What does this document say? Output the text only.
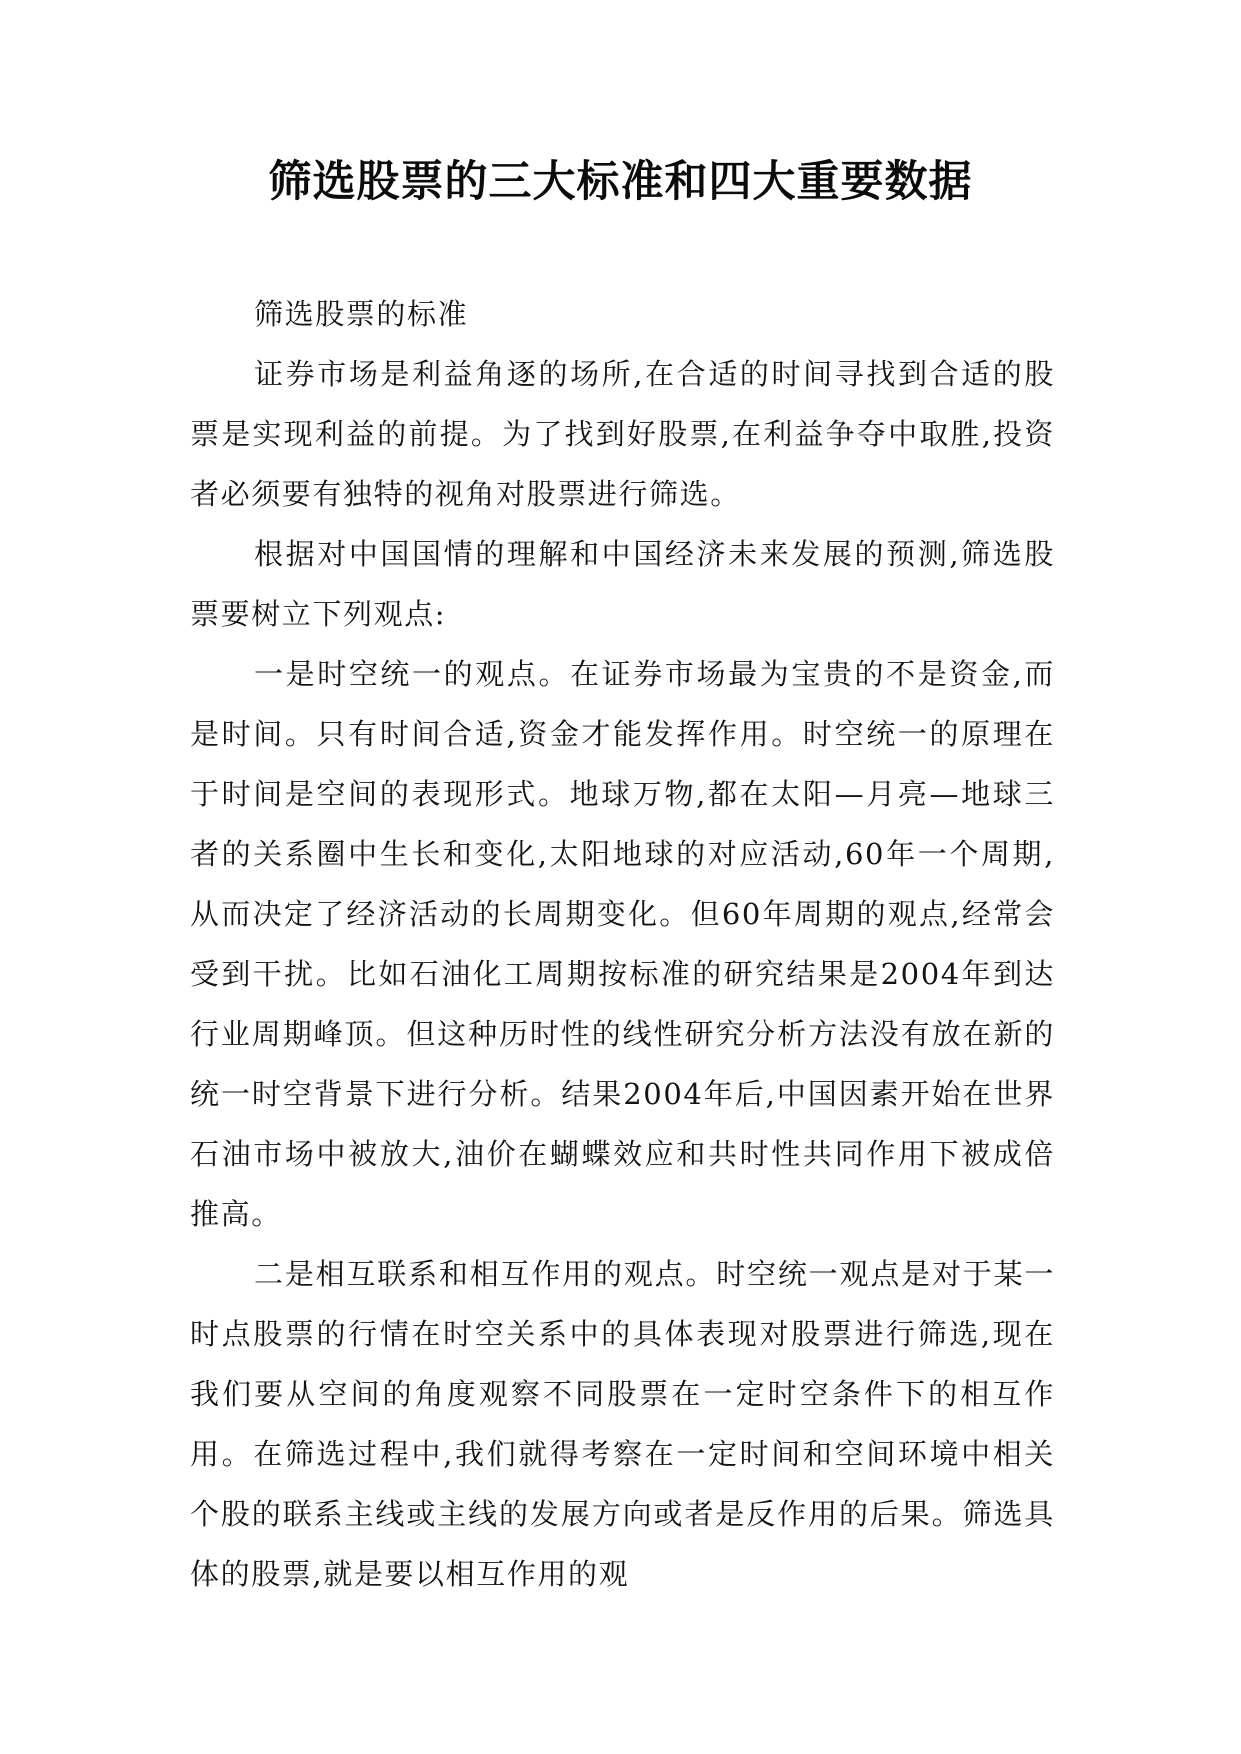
筛选股票的三大标准和四大重要数据

筛选股票的标准

证券市场是利益角逐的场所,在合适的时间寻找到合适的股票是实现利益的前提。为了找到好股票,在利益争夺中取胜,投资者必须要有独特的视角对股票进行筛选。

根据对中国国情的理解和中国经济未来发展的预测,筛选股票要树立下列观点:

一是时空统一的观点。在证券市场最为宝贵的不是资金,而是时间。只有时间合适,资金才能发挥作用。时空统一的原理在于时间是空间的表现形式。地球万物,都在太阳—月亮—地球三者的关系圈中生长和变化,太阳地球的对应活动,60年一个周期,从而决定了经济活动的长周期变化。但60年周期的观点,经常会受到干扰。比如石油化工周期按标准的研究结果是2004年到达行业周期峰顶。但这种历时性的线性研究分析方法没有放在新的统一时空背景下进行分析。结果2004年后,中国因素开始在世界石油市场中被放大,油价在蝴蝶效应和共时性共同作用下被成倍推高。

二是相互联系和相互作用的观点。时空统一观点是对于某一时点股票的行情在时空关系中的具体表现对股票进行筛选,现在我们要从空间的角度观察不同股票在一定时空条件下的相互作用。在筛选过程中,我们就得考察在一定时间和空间环境中相关个股的联系主线或主线的发展方向或者是反作用的后果。筛选具体的股票,就是要以相互作用的观
